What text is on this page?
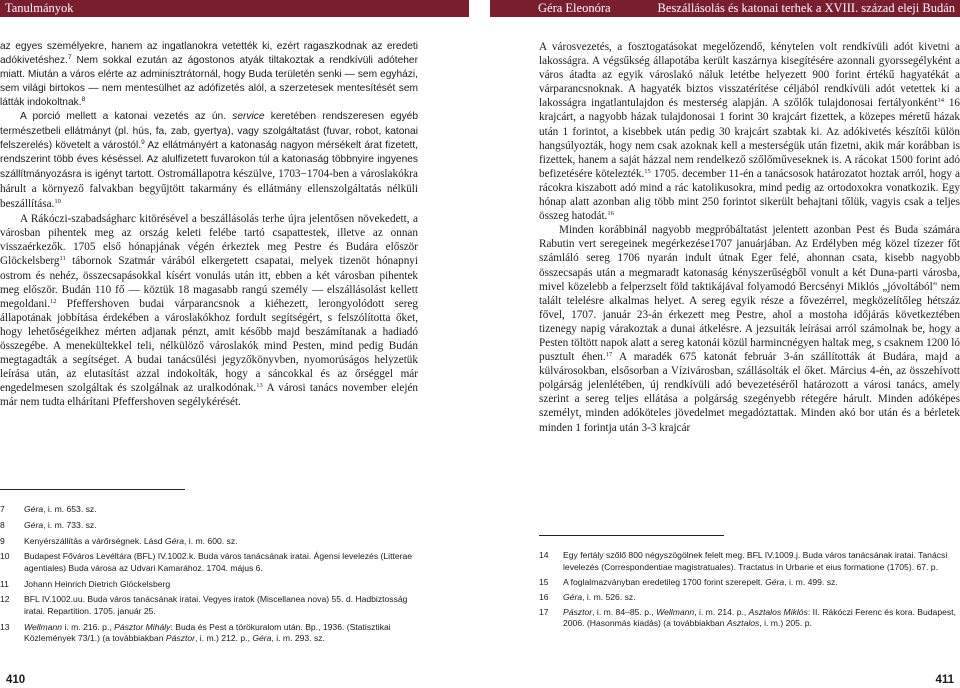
Tanulmányok	Géra Eleonóra	Beszállásolás és katonai terhek a XVIII. század eleji Budán

az egyes személyekre, hanem az ingatlanokra vetették ki, ezért ragaszkodnak az eredeti adókivetéshez.$^7$ Nem sokkal ezután az ágostonos atyák tiltakoztak a rendkívüli adóteher miatt. Miután a város elérte az adminisztrátornál, hogy Buda területén senki ― sem egyházi, sem világi birtokos ― nem mentesülhet az adófizetés alól, a szerzetesek mentesítését sem látták indokoltnak.$^8$

A porció mellett a katonai vezetés az ún. service keretében rendszeresen egyéb természetbeli ellátmányt (pl. hús, fa, zab, gyertya), vagy szolgáltatást (fuvar, robot, katonai felszerelés) követelt a várostól.$^9$ Az ellátmányért a katonaság nagyon mérsékelt árat fizetett, rendszerint több éves késéssel. Az alulfizetett fuvarokon túl a katonaság többnyire ingyenes szállítmányozásra is igényt tartott. Ostromállapotra készülve, 1703−1704-ben a városlakókra hárult a környező falvakban begyűjtött takarmány és ellátmány ellenszolgáltatás nélküli beszállítása.$^{10}$

A Rákóczi-szabadságharc kitörésével a beszállásolás terhe újra jelentősen növekedett, a városban pihentek meg az ország keleti felébe tartó csapattestek, illetve az onnan visszaérkezők. 1705 első hónapjának végén érkeztek meg Pestre és Budára először Glöckelsberg$^{11}$ tábornok Szatmár várából elkergetett csapatai, melyek tizenöt hónapnyi ostrom és nehéz, összecsapásokkal kísért vonulás után itt, ebben a két városban pihentek meg először. Budán 110 fő ― köztük 18 magasabb rangú személy ― elszállásolást kellett megoldani.$^{12}$ Pfeffershoven budai várparancsnok a kiéhezett, lerongyolódott sereg állapotának jobbítása érdekében a városlakókhoz fordult segítségért, s felszólította őket, hogy lehetőségeikhez mérten adjanak pénzt, amit később majd beszámítanak a hadiadó összegébe. A menekültekkel teli, nélkülöző városlakók mind Pesten, mind pedig Budán megtagadták a segítséget. A budai tanácsülési jegyzőkönyvben, nyomorúságos helyzetük leírása után, az elutasítást azzal indokolták, hogy a sáncokkal és az őrséggel már engedelmesen szolgáltak és szolgálnak az uralkodónak.$^{13}$ A városi tanács november elején már nem tudta elhárítani Pfeffershoven segélykérését.

A városvezetés, a fosztogatásokat megelőzendő, kénytelen volt rendkívüli adót kivetni a lakosságra. A végsűkség állapotába került kaszárnya kisegítésére azonnali gyorssegélyként a város átadta az egyik városlakó náluk letétbe helyezett 900 forint értékű hagyatékát a várparancsnoknak. A hagyaték biztos visszatérítése céljából rendkívüli adót vetettek ki a lakosságra ingatlantulajdon és mesterség alapján. A szőlők tulajdonosai fertályonként$^{14}$ 16 krajcárt, a nagyobb házak tulajdonosai 1 forint 30 krajcárt fizettek, a közepes méretű házak után 1 forintot, a kisebbek után pedig 30 krajcárt szabtak ki. Az adókivetés készítői külön hangsúlyozták, hogy nem csak azoknak kell a mesterségük után fizetni, akik már korábban is fizettek, hanem a saját házzal nem rendelkező szőlőműveseknek is. A rácokat 1500 forint adó befizetésére kötelezték.$^{15}$ 1705. december 11-én a tanácsosok határozatot hoztak arról, hogy a rácokra kiszabott adó mind a rác katolikusokra, mind pedig az ortodoxokra vonatkozik. Egy hónap alatt azonban alig több mint 250 forintot sikerült behajtani tőlük, vagyis csak a teljes összeg hatodát.$^{16}$

Minden korábbinál nagyobb megpróbáltatást jelentett azonban Pest és Buda számára Rabutin vert seregeinek megérkezése1707 januárjában. Az Erdélyben még közel tízezer főt számláló sereg 1706 nyarán indult útnak Eger felé, ahonnan csata, kisebb nagyobb összecsapás után a megmaradt katonaság kényszerűségből vonult a két Duna-parti városba, mivel közelebb a felperzselt föld taktikájával folyamodó Bercsényi Miklós „jóvoltából" nem talált telelésre alkalmas helyet. A sereg egyik része a fővezérrel, megközelítőleg hétszáz fővel, 1707. január 23-án érkezett meg Pestre, ahol a mostoha időjárás következtében tizenegy napig várakoztak a dunai átkelésre. A jezsuiták leírásai arról számolnak be, hogy a Pesten töltött napok alatt a sereg katonái közül harmincnégyen haltak meg, s csaknem 1200 ló pusztult éhen.$^{17}$ A maradék 675 katonát február 3-án szállították át Budára, majd a külvárosokban, elsősorban a Vízivárosban, szállásolták el őket. Március 4-én, az összehívott polgárság jelenlétében, új rendkívüli adó bevezetéséről határozott a városi tanács, amely szerint a sereg teljes ellátása a polgárság szegényebb rétegére hárult. Minden adóképes személyt, minden adóköteles jövedelmet megadóztattak. Minden akó bor után és a bérletek minden 1 forintja után 3-3 krajcár

7	Géra, i. m. 653. sz.
8	Géra, i. m. 733. sz.
9	Kenyérszállítás a várőrségnek. Lásd Géra, i. m. 600. sz.
10	Budapest Főváros Levéltára (BFL) IV.1002.k. Buda város tanácsának iratai. Ágensi levelezés (Litterae agentiales) Buda városa az Udvari Kamarához. 1704. május 6.
11	Johann Heinrich Dietrich Glöckelsberg
12	BFL IV.1002.uu. Buda város tanácsának iratai. Vegyes iratok (Miscellanea nova) 55. d. Hadbiztosság iratai. Repartition. 1705. január 25.
13	Wellmann i. m. 216. p., Pásztor Mihály: Buda és Pest a törökuralom után. Bp., 1936. (Statisztikai Közlemények 73/1.) (a továbbiakban Pásztor, i. m.) 212. p., Géra, i. m. 293. sz.
14	Egy fertály szőlő 800 négyszögölnek felelt meg. BFL IV.1009.j. Buda város tanácsának iratai. Tanácsi levelezés (Correspondentiae magistratuales). Tractatus ín Urbarie et eius formatione (1705). 67. p.
15	A foglalmazványban eredetileg 1700 forint szerepelt. Géra, i. m. 499. sz.
16	Géra, i. m. 526. sz.
17	Pásztor, i. m. 84–85. p., Wellmann, i. m. 214. p., Asztalos Miklós: II. Rákóczi Ferenc és kora. Budapest, 2006. (Hasonmás kiadás) (a továbbiakban Asztalos, i. m.) 205. p.
410	411
